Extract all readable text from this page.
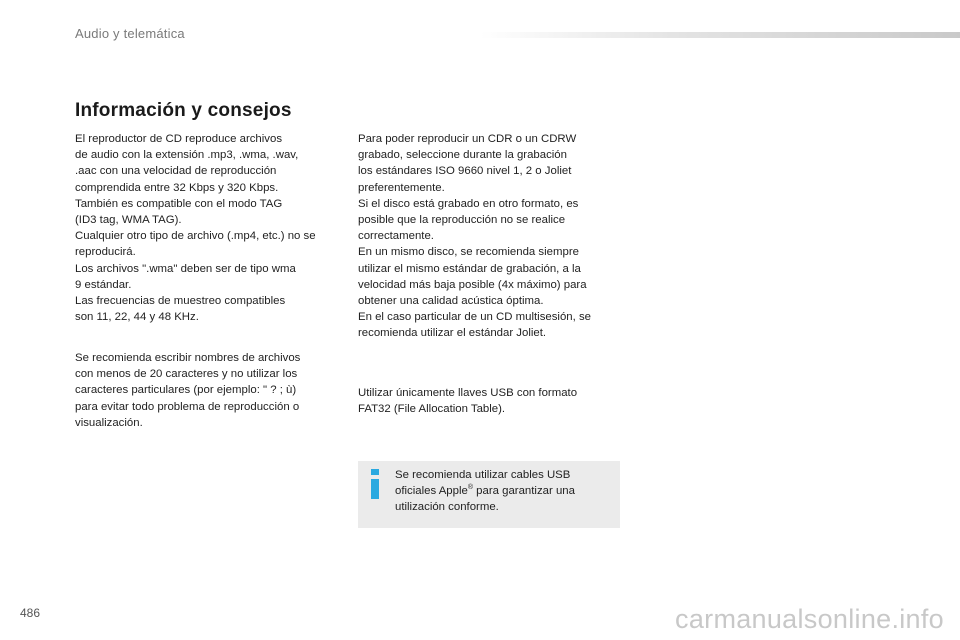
Audio y telemática
Información y consejos

El reproductor de CD reproduce archivos
de audio con la extensión .mp3, .wma, .wav,
.aac con una velocidad de reproducción
comprendida entre 32 Kbps y 320 Kbps.
También es compatible con el modo TAG
(ID3 tag, WMA TAG).
Cualquier otro tipo de archivo (.mp4, etc.) no se
reproducirá.
Los archivos ".wma" deben ser de tipo wma
9 estándar.
Las frecuencias de muestreo compatibles
son 11, 22, 44 y 48 KHz.

Se recomienda escribir nombres de archivos
con menos de 20 caracteres y no utilizar los
caracteres particulares (por ejemplo: " ? ; ù)
para evitar todo problema de reproducción o
visualización.

Para poder reproducir un CDR o un CDRW
grabado, seleccione durante la grabación
los estándares ISO 9660 nivel 1, 2 o Joliet
preferentemente.
Si el disco está grabado en otro formato, es
posible que la reproducción no se realice
correctamente.
En un mismo disco, se recomienda siempre
utilizar el mismo estándar de grabación, a la
velocidad más baja posible (4x máximo) para
obtener una calidad acústica óptima.
En el caso particular de un CD multisesión, se
recomienda utilizar el estándar Joliet.

Utilizar únicamente llaves USB con formato
FAT32 (File Allocation Table).

Se recomienda utilizar cables USB oficiales Apple® para garantizar una utilización conforme.

486	carmanualsonline.info
